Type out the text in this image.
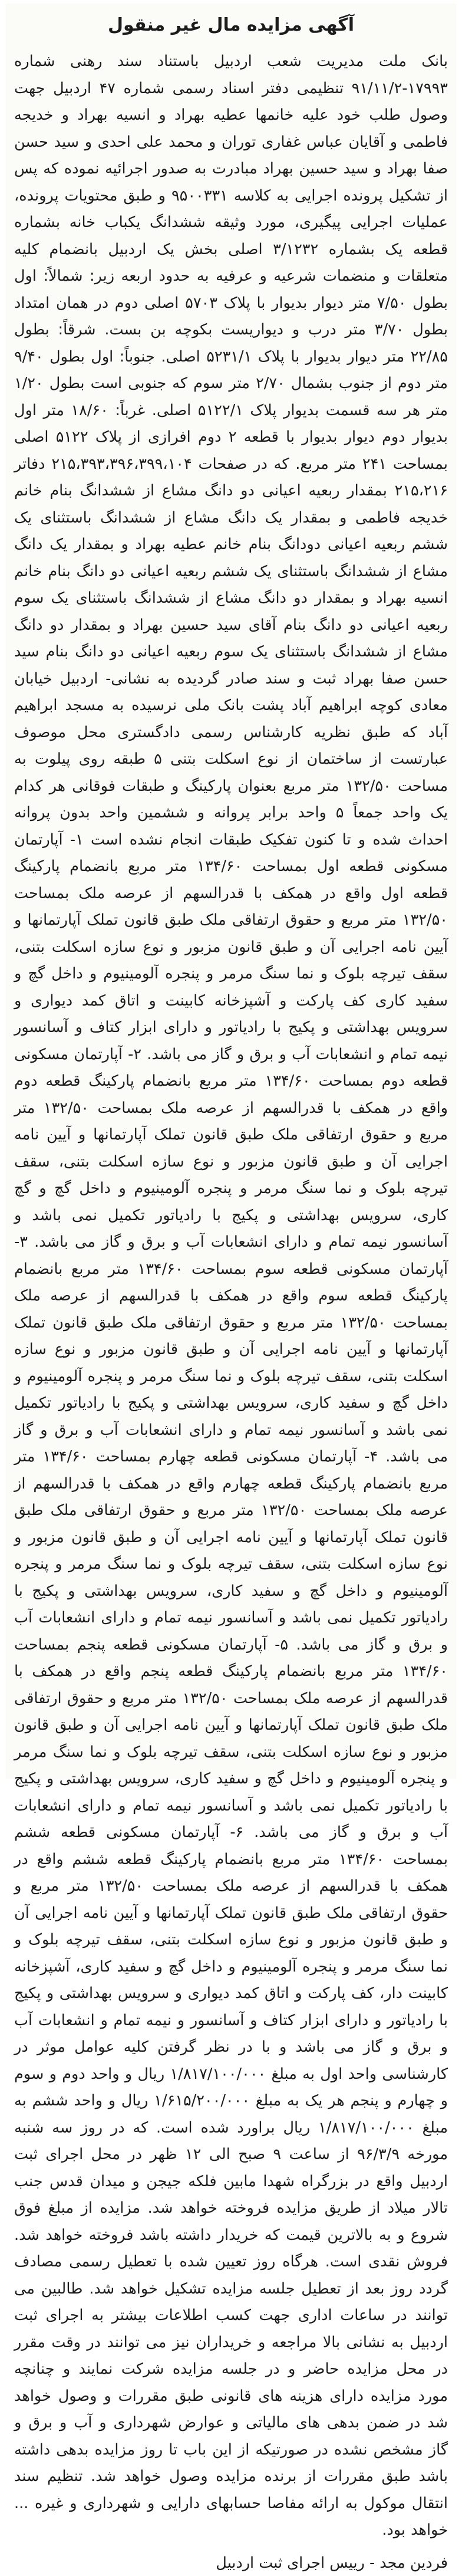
آگهی مزایده مال غیر منقول

بانک ملت مدیریت شعب اردبیل باستناد سند رهنی شماره ۱۷۹۹۳-۹۱/۱۱/۲ تنظیمی دفتر اسناد رسمی شماره ۴۷ اردبیل جهت وصول طلب خود علیه خانمها عطیه بهراد و انسیه بهراد و خدیجه فاطمی و آقایان عباس غفاری توران و محمد علی احدی و سید حسن صفا بهراد و سید حسین بهراد مبادرت به صدور اجرائیه نموده که پس از تشکیل پرونده اجرایی به کلاسه ۹۵۰۰۳۳۱ و طبق محتویات پرونده، عملیات اجرایی پیگیری، مورد وثیقه ششدانگ یکباب خانه بشماره قطعه یک بشماره ۳/۱۲۳۲ اصلی بخش یک اردبیل بانضمام کلیه متعلقات و منضمات شرعیه و عرفیه به حدود اربعه زیر: شمالاً: اول بطول ۷/۵۰ متر دیوار بدیوار با پلاک ۵۷۰۳ اصلی دوم در همان امتداد بطول ۳/۷۰ متر درب و دیواریست بکوچه بن بست. شرقاً: بطول ۲۲/۸۵ متر دیوار بدیوار با پلاک ۵۲۳۱/۱ اصلی. جنوباً: اول بطول ۹/۴۰ متر دوم از جنوب بشمال ۲/۷۰ متر سوم که جنوبی است بطول ۱/۲۰ متر هر سه قسمت بدیوار پلاک ۵۱۲۲/۱ اصلی. غرباً: ۱۸/۶۰ متر اول بدیوار دوم دیوار بدیوار با قطعه ۲ دوم افرازی از پلاک ۵۱۲۲ اصلی بمساحت ۲۴۱ متر مربع. که در صفحات ۲۱۵،۳۹۳،۳۹۶،۳۹۹،۱۰۴ دفاتر ۲۱۵،۲۱۶ بمقدار ربعیه اعیانی دو دانگ مشاع از ششدانگ بنام خانم خدیجه فاطمی و بمقدار یک دانگ مشاع از ششدانگ باستثنای یک ششم ربعیه اعیانی دودانگ بنام خانم عطیه بهراد و بمقدار یک دانگ مشاع از ششدانگ باستثنای یک ششم ربعیه اعیانی دو دانگ بنام خانم انسیه بهراد و بمقدار دو دانگ مشاع از ششدانگ باستثنای یک سوم ربعیه اعیانی دو دانگ بنام آقای سید حسین بهراد و بمقدار دو دانگ مشاع از ششدانگ باستثنای یک سوم ربعیه اعیانی دو دانگ بنام سید حسن صفا بهراد ثبت و سند صادر گردیده به نشانی- اردبیل خیابان معادی کوچه ابراهیم آباد پشت بانک ملی نرسیده به مسجد ابراهیم آباد که طبق نظریه کارشناس رسمی دادگستری محل موصوف عبارتست از ساختمان از نوع اسکلت بتنی ۵ طبقه روی پیلوت به مساحت ۱۳۲/۵۰ متر مربع بعنوان پارکینگ و طبقات فوقانی هر کدام یک واحد جمعاً ۵ واحد برابر پروانه و ششمین واحد بدون پروانه احداث شده و تا کنون تفکیک طبقات انجام نشده است ۱- آپارتمان مسکونی قطعه اول بمساحت ۱۳۴/۶۰ متر مربع بانضمام پارکینگ قطعه اول واقع در همکف با قدرالسهم از عرصه ملک بمساحت ۱۳۲/۵۰ متر مربع و حقوق ارتفاقی ملک طبق قانون تملک آپارتمانها و آیین نامه اجرایی آن و طبق قانون مزبور و نوع سازه اسکلت بتنی، سقف تیرچه بلوک و نما سنگ مرمر و پنجره آلومینیوم و داخل گچ و سفید کاری کف پارکت و آشپزخانه کابینت و اتاق کمد دیواری و سرویس بهداشتی و پکیج با رادیاتور و دارای ابزار کتاف و آسانسور نیمه تمام و انشعابات آب و برق و گاز می باشد. ۲- آپارتمان مسکونی قطعه دوم بمساحت ۱۳۴/۶۰ متر مربع بانضمام پارکینگ قطعه دوم واقع در همکف با قدرالسهم از عرصه ملک بمساحت ۱۳۲/۵۰ متر مربع و حقوق ارتفاقی ملک طبق قانون تملک آپارتمانها و آیین نامه اجرایی آن و طبق قانون مزبور و نوع سازه اسکلت بتنی، سقف تیرچه بلوک و نما سنگ مرمر و پنجره آلومینیوم و داخل گچ و گچ کاری، سرویس بهداشتی و پکیج با رادیاتور تکمیل نمی باشد و آسانسور نیمه تمام و دارای انشعابات آب و برق و گاز می باشد. ۳- آپارتمان مسکونی قطعه سوم بمساحت ۱۳۴/۶۰ متر مربع بانضمام پارکینگ قطعه سوم واقع در همکف با قدرالسهم از عرصه ملک بمساحت ۱۳۲/۵۰ متر مربع و حقوق ارتفاقی ملک طبق قانون تملک آپارتمانها و آیین نامه اجرایی آن و طبق قانون مزبور و نوع سازه اسکلت بتنی، سقف تیرچه بلوک و نما سنگ مرمر و پنجره آلومینیوم و داخل گچ و سفید کاری، سرویس بهداشتی و پکیج با رادیاتور تکمیل نمی باشد و آسانسور نیمه تمام و دارای انشعابات آب و برق و گاز می باشد. ۴- آپارتمان مسکونی قطعه چهارم بمساحت ۱۳۴/۶۰ متر مربع بانضمام پارکینگ قطعه چهارم واقع در همکف با قدرالسهم از عرصه ملک بمساحت ۱۳۲/۵۰ متر مربع و حقوق ارتفاقی ملک طبق قانون تملک آپارتمانها و آیین نامه اجرایی آن و طبق قانون مزبور و نوع سازه اسکلت بتنی، سقف تیرچه بلوک و نما سنگ مرمر و پنجره آلومینیوم و داخل گچ و سفید کاری، سرویس بهداشتی و پکیج با رادیاتور تکمیل نمی باشد و آسانسور نیمه تمام و دارای انشعابات آب و برق و گاز می باشد. ۵- آپارتمان مسکونی قطعه پنجم بمساحت ۱۳۴/۶۰ متر مربع بانضمام پارکینگ قطعه پنجم واقع در همکف با قدرالسهم از عرصه ملک بمساحت ۱۳۲/۵۰ متر مربع و حقوق ارتفاقی ملک طبق قانون تملک آپارتمانها و آیین نامه اجرایی آن و طبق قانون مزبور و نوع سازه اسکلت بتنی، سقف تیرچه بلوک و نما سنگ مرمر و پنجره آلومینیوم و داخل گچ و سفید کاری، سرویس بهداشتی و پکیج با رادیاتور تکمیل نمی باشد و آسانسور نیمه تمام و دارای انشعابات آب و برق و گاز می باشد. ۶- آپارتمان مسکونی قطعه ششم بمساحت ۱۳۴/۶۰ متر مربع بانضمام پارکینگ قطعه ششم واقع در همکف با قدرالسهم از عرصه ملک بمساحت ۱۳۲/۵۰ متر مربع و حقوق ارتفاقی ملک طبق قانون تملک آپارتمانها و آیین نامه اجرایی آن و طبق قانون مزبور و نوع سازه اسکلت بتنی، سقف تیرچه بلوک و نما سنگ مرمر و پنجره آلومینیوم و داخل گچ و سفید کاری، آشپزخانه کابینت دار، کف پارکت و اتاق کمد دیواری و سرویس بهداشتی و پکیج با رادیاتور و دارای ابزار کتاف و آسانسور و نیمه تمام و انشعابات آب و برق و گاز می باشد و با در نظر گرفتن کلیه عوامل موثر در کارشناسی واحد اول به مبلغ ۱/۸۱۷/۱۰۰/۰۰۰ ریال و واحد دوم و سوم و چهارم و پنجم هر یک به مبلغ ۱/۶۱۵/۲۰۰/۰۰۰ ریال و واحد ششم به مبلغ ۱/۸۱۷/۱۰۰/۰۰۰ ریال براورد شده است. که در روز سه شنبه مورخه ۹۶/۳/۹ از ساعت ۹ صبح الی ۱۲ ظهر در محل اجرای ثبت اردبیل واقع در بزرگراه شهدا مابین فلکه جیجن و میدان قدس جنب تالار میلاد از طریق مزایده فروخته خواهد شد. مزایده از مبلغ فوق شروع و به بالاترین قیمت که خریدار داشته باشد فروخته خواهد شد. فروش نقدی است. هرگاه روز تعیین شده با تعطیل رسمی مصادف گردد روز بعد از تعطیل جلسه مزایده تشکیل خواهد شد. طالبین می توانند در ساعات اداری جهت کسب اطلاعات بیشتر به اجرای ثبت اردبیل به نشانی بالا مراجعه و خریداران نیز می توانند در وقت مقرر در محل مزایده حاضر و در جلسه مزایده شرکت نمایند و چنانچه مورد مزایده دارای هزینه های قانونی طبق مقررات و وصول خواهد شد در ضمن بدهی های مالیاتی و عوارض شهرداری و آب و برق و گاز مشخص نشده در صورتیکه از این باب تا روز مزایده بدهی داشته باشد طبق مقررات از برنده مزایده وصول خواهد شد. تنظیم سند انتقال موکول به ارائه مفاصا حسابهای دارایی و شهرداری و غیره ... خواهد بود.

فردین مجد - رییس اجرای ثبت اردبیل
